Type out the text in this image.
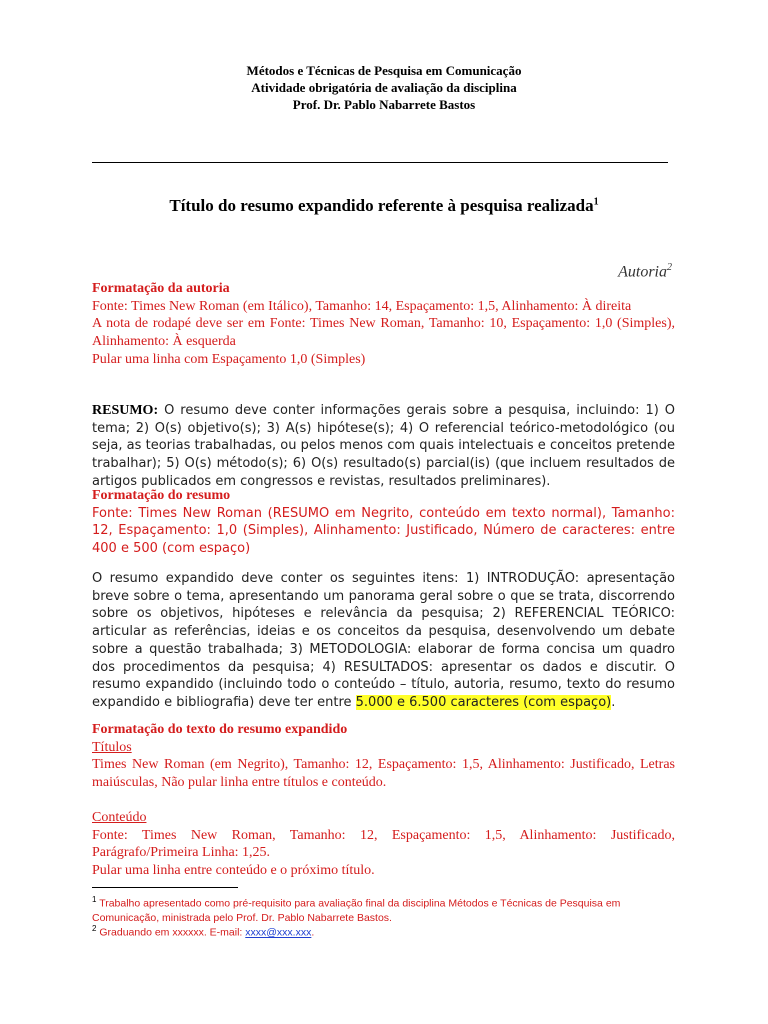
Métodos e Técnicas de Pesquisa em Comunicação
Atividade obrigatória de avaliação da disciplina
Prof. Dr. Pablo Nabarrete Bastos
Título do resumo expandido referente à pesquisa realizada$^1$
Autoria$^2$
Formatação da autoria
Fonte: Times New Roman (em Itálico), Tamanho: 14, Espaçamento: 1,5, Alinhamento: À direita
A nota de rodapé deve ser em Fonte: Times New Roman, Tamanho: 10, Espaçamento: 1,0 (Simples), Alinhamento: À esquerda
Pular uma linha com Espaçamento 1,0 (Simples)
RESUMO: O resumo deve conter informações gerais sobre a pesquisa, incluindo: 1) O tema; 2) O(s) objetivo(s); 3) A(s) hipótese(s); 4) O referencial teórico-metodológico (ou seja, as teorias trabalhadas, ou pelos menos com quais intelectuais e conceitos pretende trabalhar); 5) O(s) método(s); 6) O(s) resultado(s) parcial(is) (que incluem resultados de artigos publicados em congressos e revistas, resultados preliminares).
Formatação do resumo
Fonte: Times New Roman (RESUMO em Negrito, conteúdo em texto normal), Tamanho: 12, Espaçamento: 1,0 (Simples), Alinhamento: Justificado, Número de caracteres: entre 400 e 500 (com espaço)
O resumo expandido deve conter os seguintes itens: 1) INTRODUÇÃO: apresentação breve sobre o tema, apresentando um panorama geral sobre o que se trata, discorrendo sobre os objetivos, hipóteses e relevância da pesquisa; 2) REFERENCIAL TEÓRICO: articular as referências, ideias e os conceitos da pesquisa, desenvolvendo um debate sobre a questão trabalhada; 3) METODOLOGIA: elaborar de forma concisa um quadro dos procedimentos da pesquisa; 4) RESULTADOS: apresentar os dados e discutir. O resumo expandido (incluindo todo o conteúdo – título, autoria, resumo, texto do resumo expandido e bibliografia) deve ter entre 5.000 e 6.500 caracteres (com espaço).
Formatação do texto do resumo expandido
Títulos
Times New Roman (em Negrito), Tamanho: 12, Espaçamento: 1,5, Alinhamento: Justificado, Letras maiúsculas, Não pular linha entre títulos e conteúdo.
Conteúdo
Fonte: Times New Roman, Tamanho: 12, Espaçamento: 1,5, Alinhamento: Justificado, Parágrafo/Primeira Linha: 1,25.
Pular uma linha entre conteúdo e o próximo título.
$^1$ Trabalho apresentado como pré-requisito para avaliação final da disciplina Métodos e Técnicas de Pesquisa em Comunicação, ministrada pelo Prof. Dr. Pablo Nabarrete Bastos.
$^2$ Graduando em xxxxxx. E-mail: xxxx@xxx.xxx.
